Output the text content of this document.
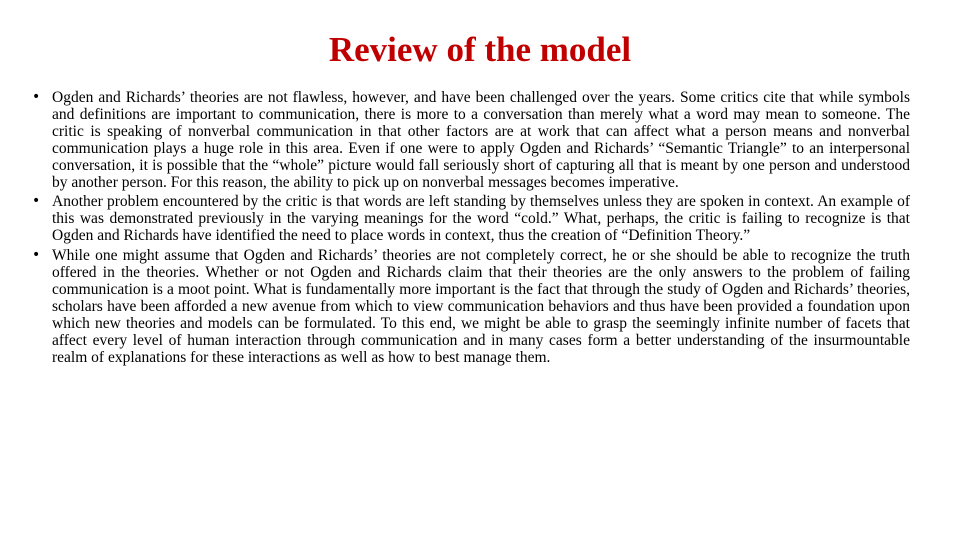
Review of the model
• Ogden and Richards’ theories are not flawless, however, and have been challenged over the years. Some critics cite that while symbols and definitions are important to communication, there is more to a conversation than merely what a word may mean to someone. The critic is speaking of nonverbal communication in that other factors are at work that can affect what a person means and nonverbal communication plays a huge role in this area. Even if one were to apply Ogden and Richards’ “Semantic Triangle” to an interpersonal conversation, it is possible that the “whole” picture would fall seriously short of capturing all that is meant by one person and understood by another person. For this reason, the ability to pick up on nonverbal messages becomes imperative.
• Another problem encountered by the critic is that words are left standing by themselves unless they are spoken in context. An example of this was demonstrated previously in the varying meanings for the word “cold.” What, perhaps, the critic is failing to recognize is that Ogden and Richards have identified the need to place words in context, thus the creation of “Definition Theory.”
• While one might assume that Ogden and Richards’ theories are not completely correct, he or she should be able to recognize the truth offered in the theories. Whether or not Ogden and Richards claim that their theories are the only answers to the problem of failing communication is a moot point. What is fundamentally more important is the fact that through the study of Ogden and Richards’ theories, scholars have been afforded a new avenue from which to view communication behaviors and thus have been provided a foundation upon which new theories and models can be formulated. To this end, we might be able to grasp the seemingly infinite number of facets that affect every level of human interaction through communication and in many cases form a better understanding of the insurmountable realm of explanations for these interactions as well as how to best manage them.
